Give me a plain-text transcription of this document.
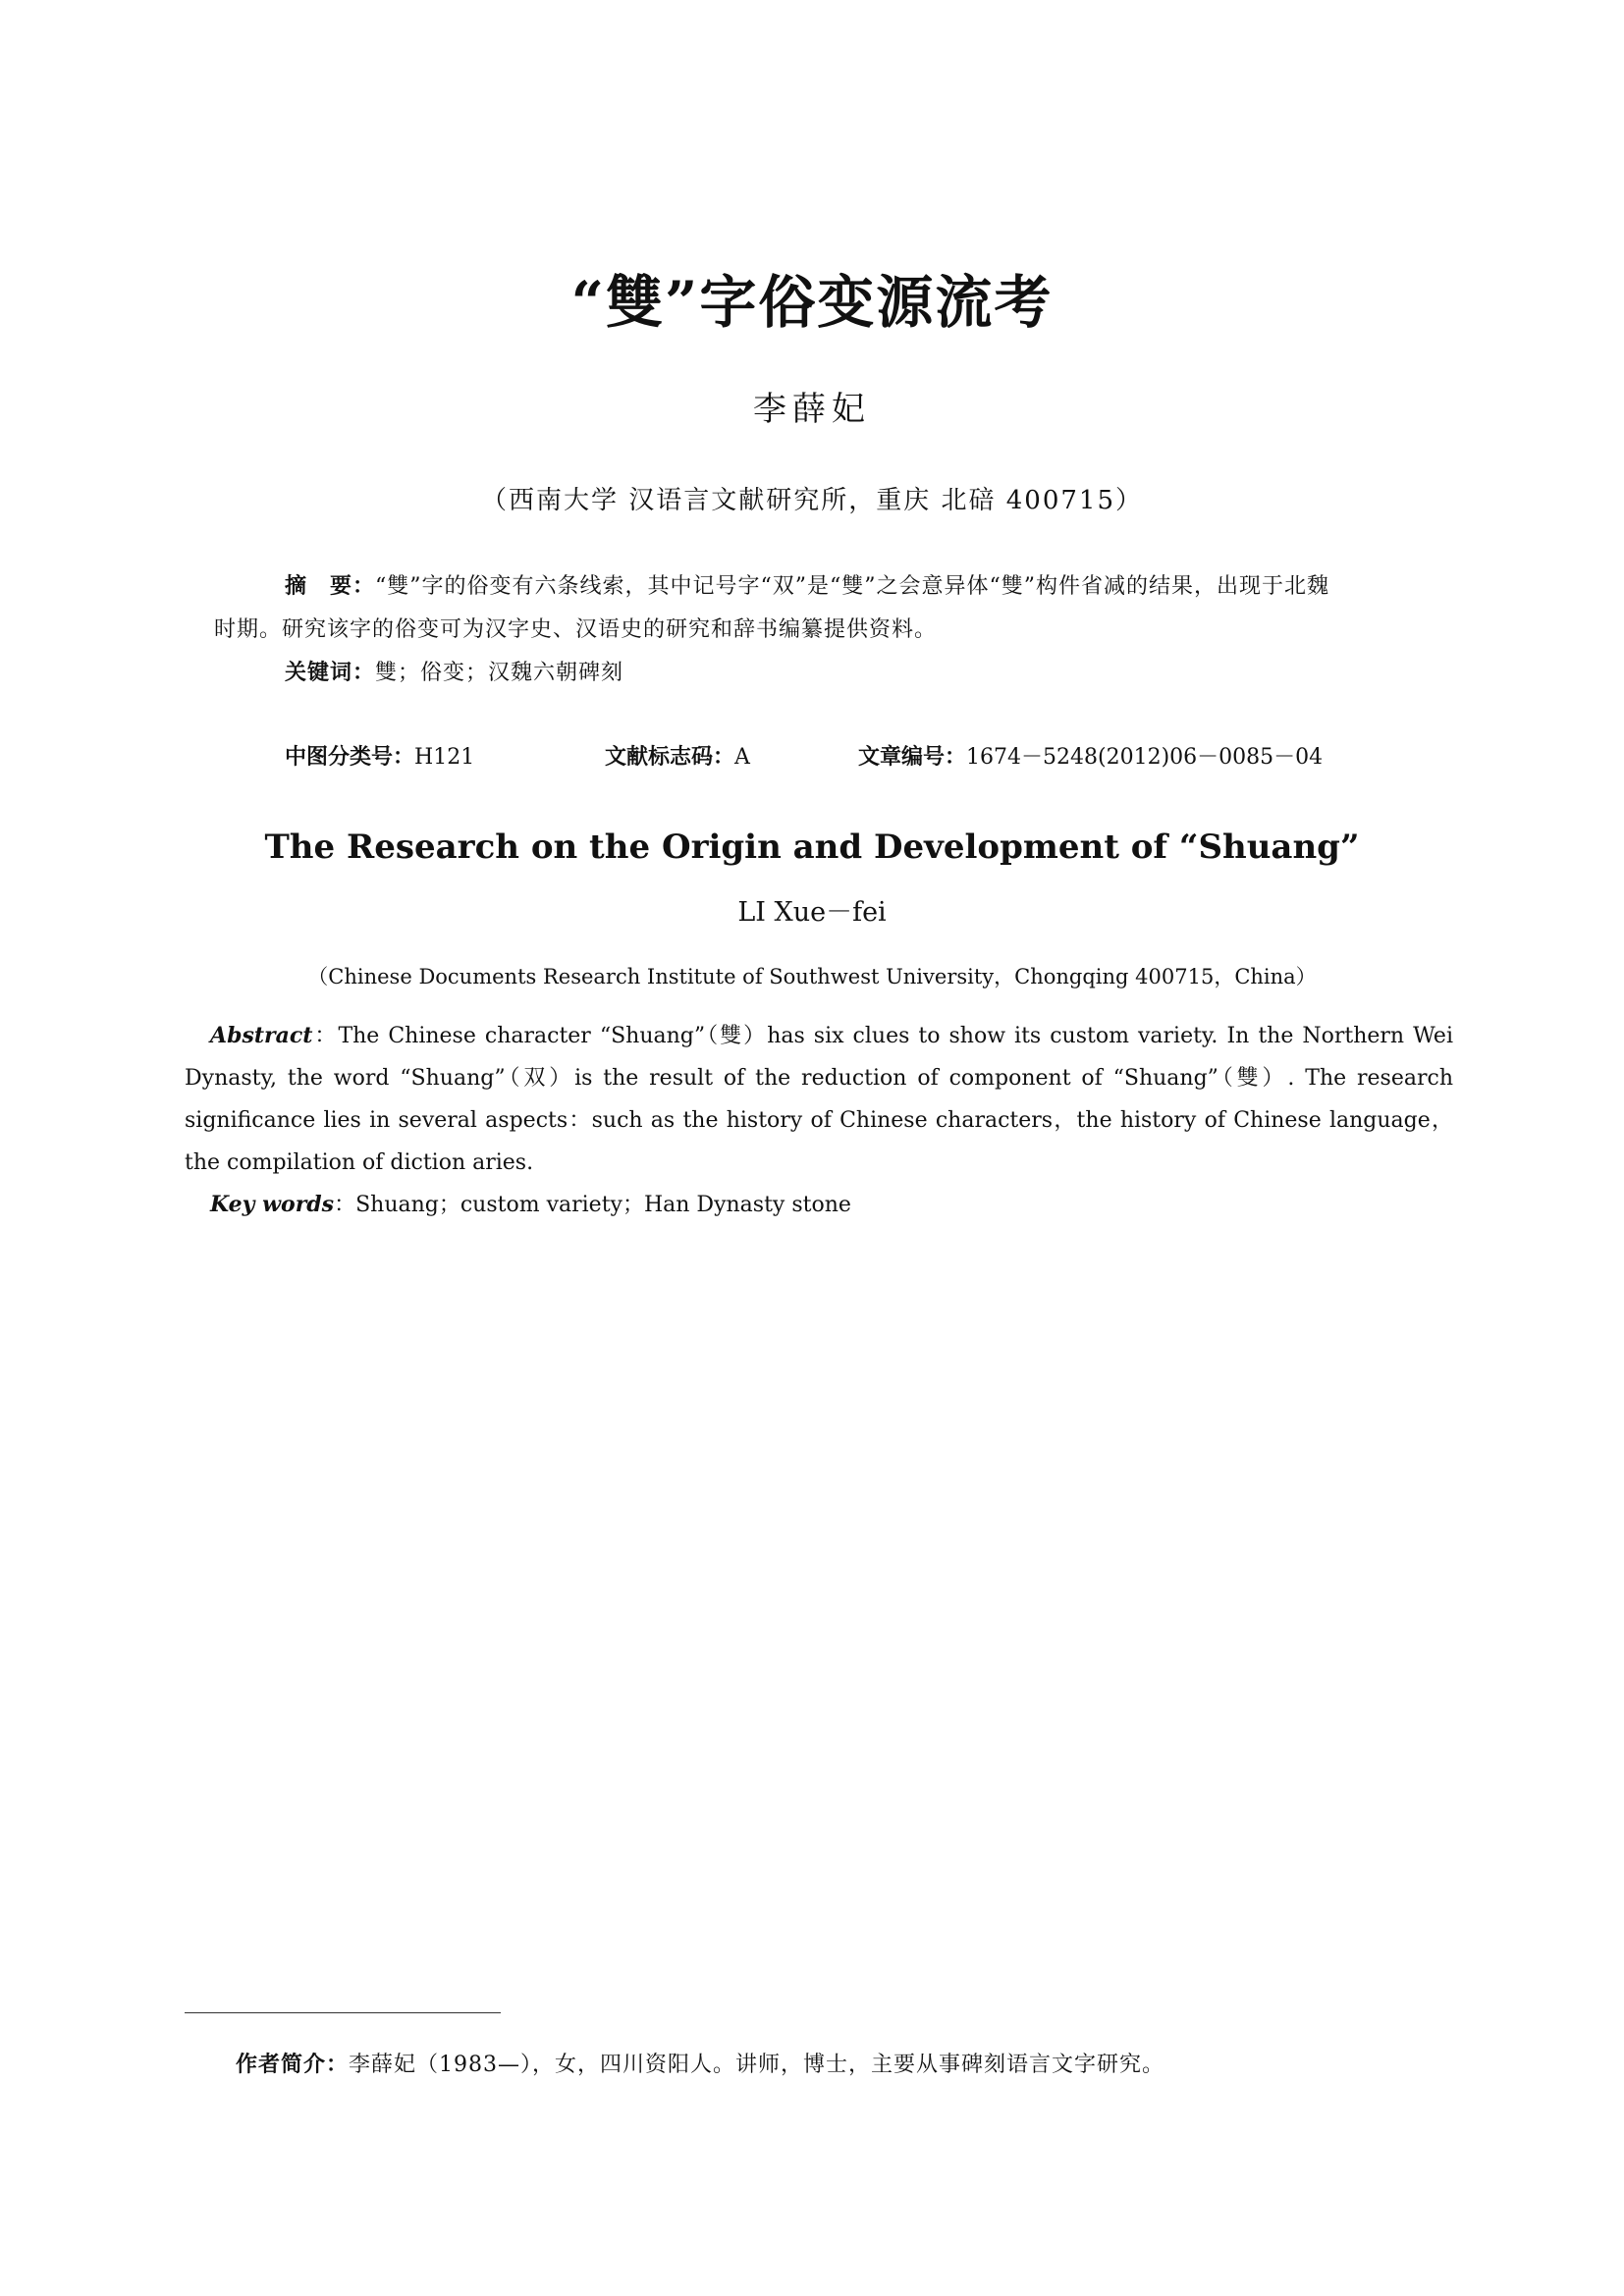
“雙”字俗变源流考
李薛妃
（西南大学 汉语言文献研究所，重庆 北碚 400715）
摘　要：“雙”字的俗变有六条线索，其中记号字“双”是“雙”之会意异体“雙”构件省减的结果，出现于北魏
时期。研究该字的俗变可为汉字史、汉语史的研究和辞书编纂提供资料。
关键词：雙；俗变；汉魏六朝碑刻
中图分类号：H121	文献标志码：A	文章编号：1674－5248(2012)06－0085－04
The Research on the Origin and Development of “Shuang”
LI Xue－fei
（Chinese Documents Research Institute of Southwest University，Chongqing 400715，China）
Abstract：The Chinese character “Shuang”（雙）has six clues to show its custom variety. In the Northern Wei Dynasty, the word “Shuang”（双）is the result of the reduction of component of “Shuang”（雙）. The research significance lies in several aspects：such as the history of Chinese characters，the history of Chinese language，the compilation of diction aries.
Key words：Shuang；custom variety；Han Dynasty stone
作者简介：李薛妃（1983—），女，四川资阳人。讲师，博士，主要从事碑刻语言文字研究。
